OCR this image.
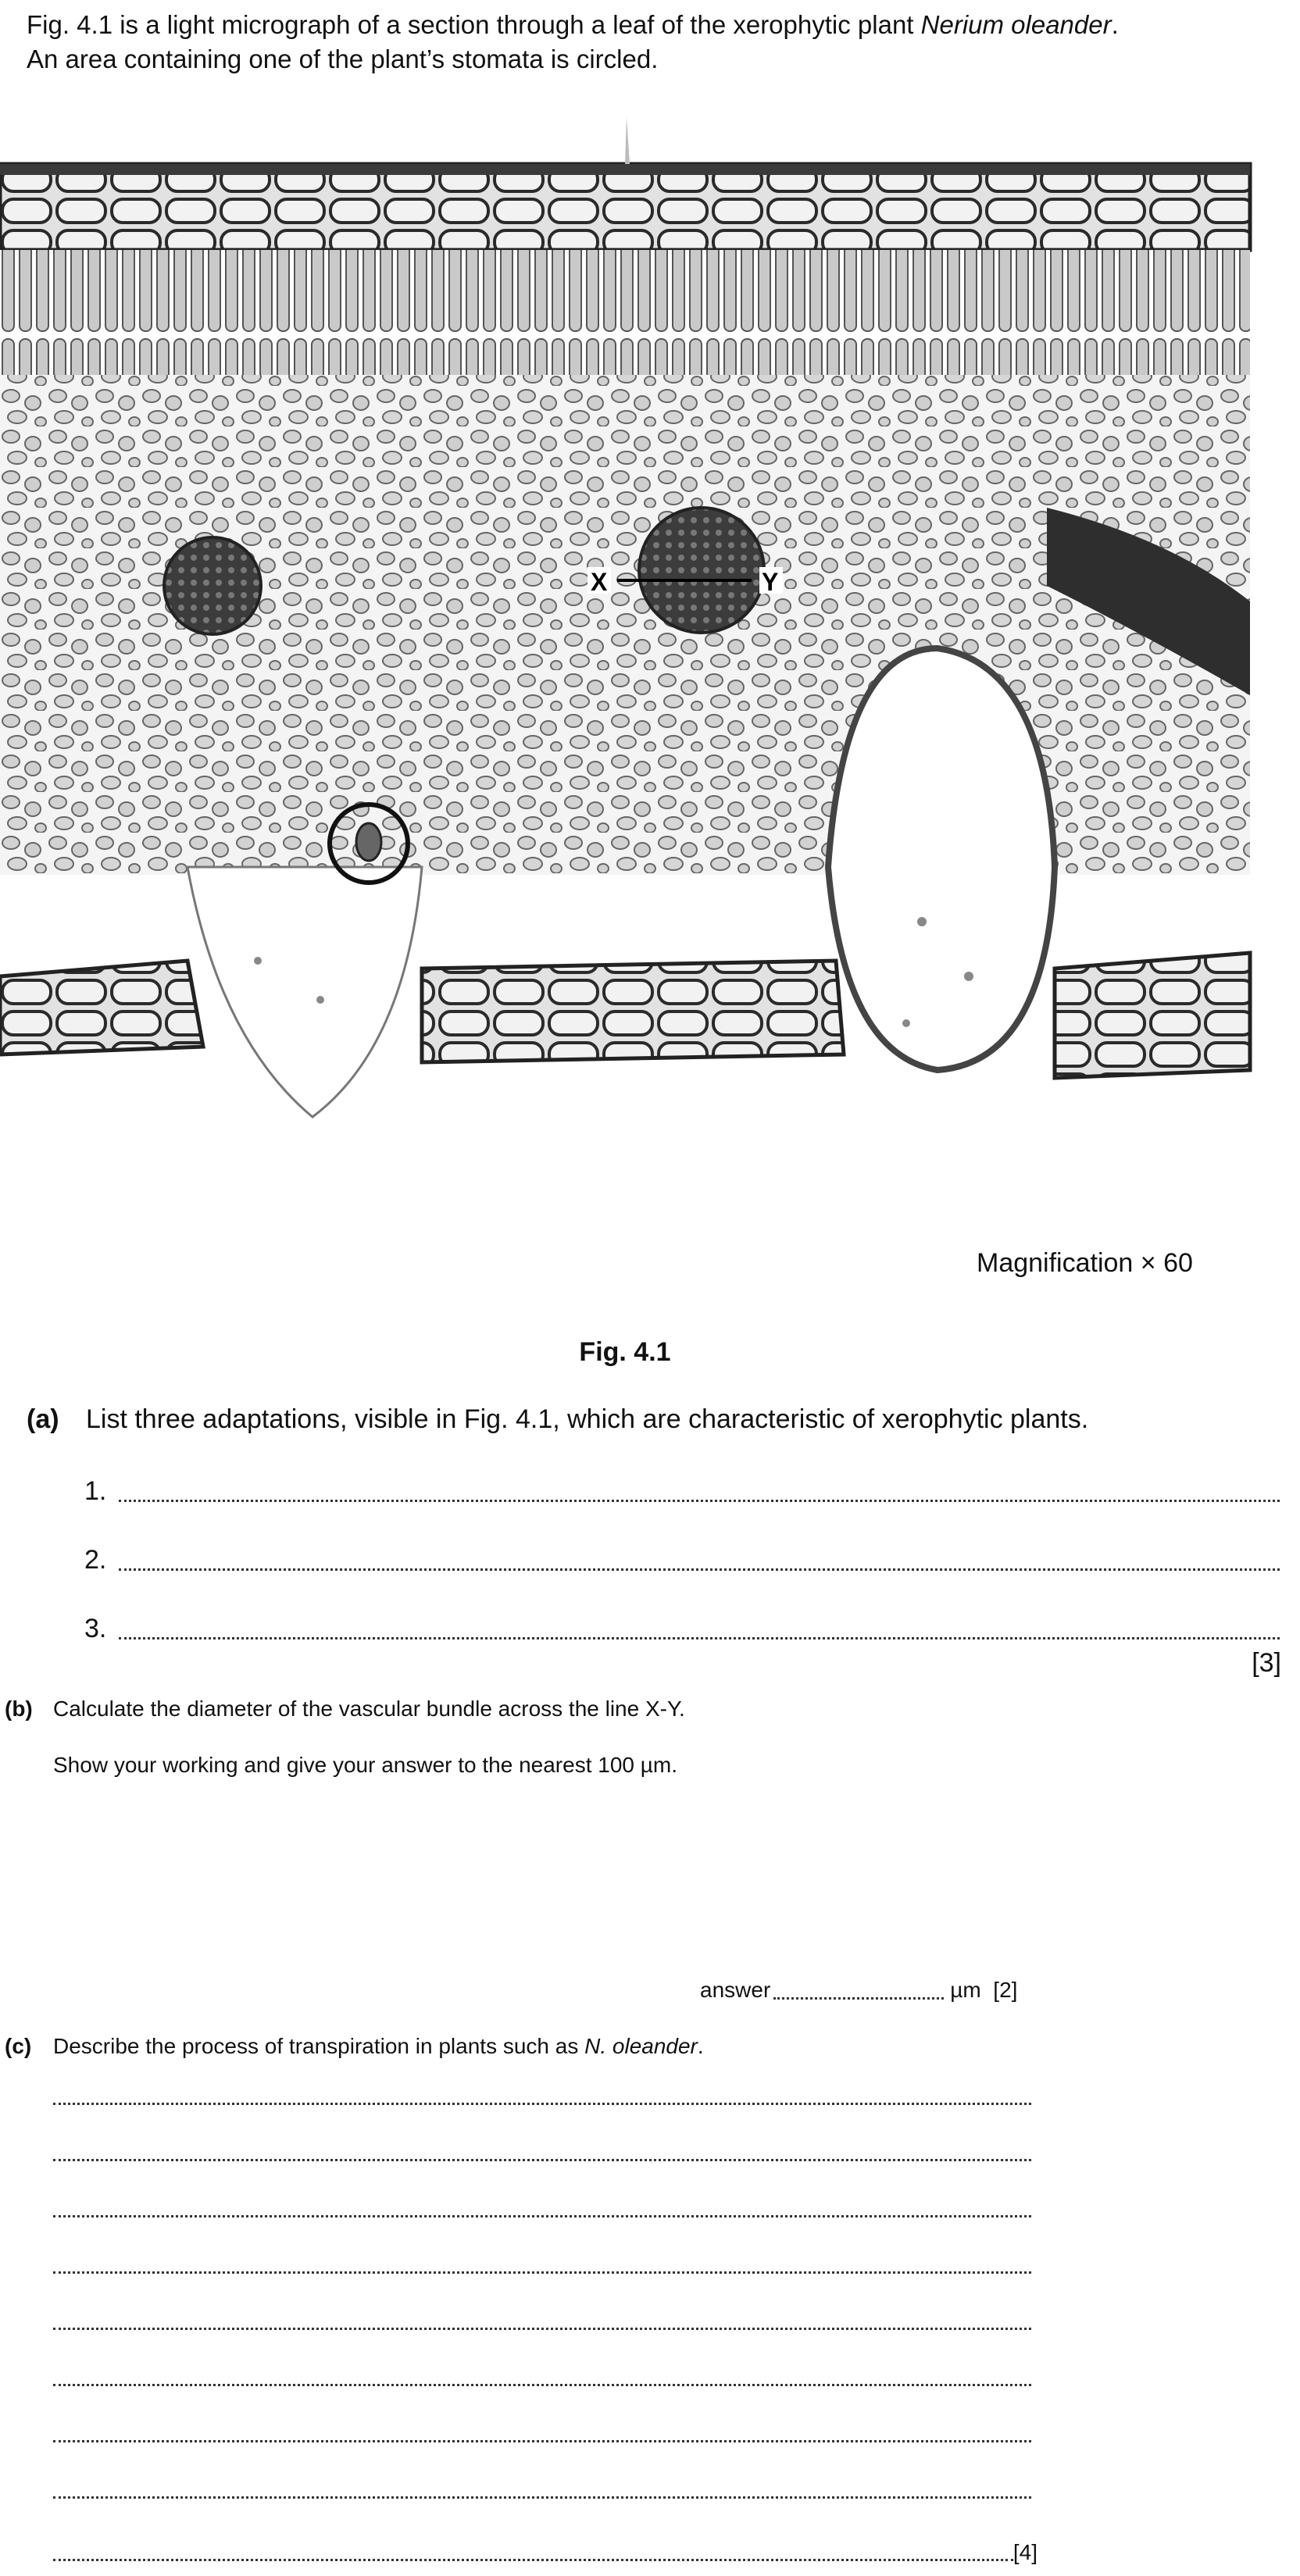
Fig. 4.1 is a light micrograph of a section through a leaf of the xerophytic plant Nerium oleander.
An area containing one of the plant’s stomata is circled.
X	Y
Magnification × 60
Fig. 4.1
(a) List three adaptations, visible in Fig. 4.1, which are characteristic of xerophytic plants.
1.
2.
3.
[3]
(b) Calculate the diameter of the vascular bundle across the line X-Y.
Show your working and give your answer to the nearest 100 µm.
answer	µm
[2]
(c) Describe the process of transpiration in plants such as N. oleander.
[4]
